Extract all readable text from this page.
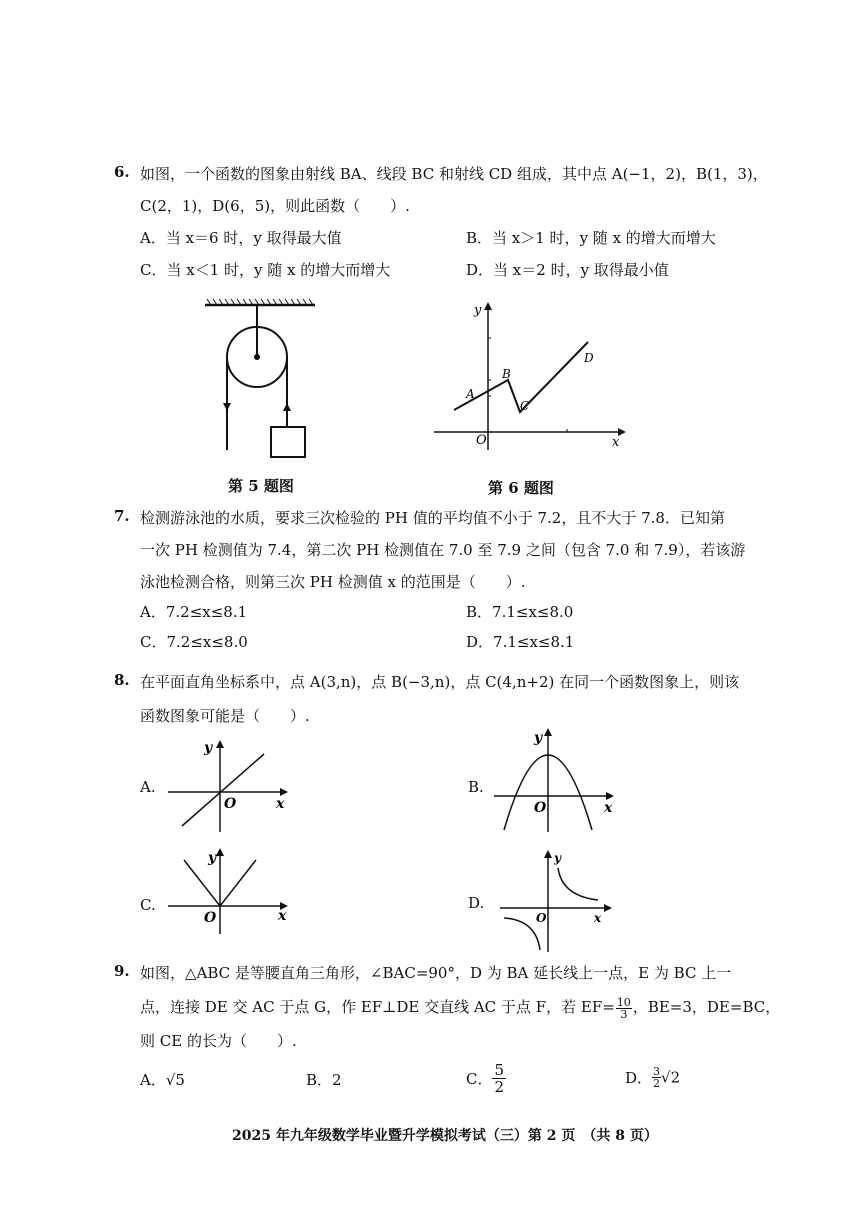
6. 如图，一个函数的图象由射线 BA、线段 BC 和射线 CD 组成，其中点 A(−1，2)，B(1，3)，
C(2，1)，D(6，5)，则此函数（　　）.
A．当 x＝6 时，y 取得最大值	B．当 x＞1 时，y 随 x 的增大而增大
C．当 x＜1 时，y 随 x 的增大而增大	D．当 x＝2 时，y 取得最小值
第 5 题图
y
x
O
A
B
C
D
第 6 题图
7. 检测游泳池的水质，要求三次检验的 PH 值的平均值不小于 7.2，且不大于 7.8．已知第
一次 PH 检测值为 7.4，第二次 PH 检测值在 7.0 至 7.9 之间（包含 7.0 和 7.9），若该游
泳池检测合格，则第三次 PH 检测值 x 的范围是（　　）.
A．7.2≤x≤8.1	B．7.1≤x≤8.0
C．7.2≤x≤8.0	D．7.1≤x≤8.1
8. 在平面直角坐标系中，点 A(3,n)，点 B(−3,n)，点 C(4,n+2) 在同一个函数图象上，则该
函数图象可能是（　　）.
A.
y
x
O
B.
y
x
O
C.
y
x
O
D.
y
x
O
9. 如图，△ABC 是等腰直角三角形，∠BAC=90°，D 为 BA 延长线上一点，E 为 BC 上一
点，连接 DE 交 AC 于点 G，作 EF⊥DE 交直线 AC 于点 F，若 $EF= \frac{10}{3}$ ，BE=3，DE=BC，
则 CE 的长为（　　）.
A．√5	B．2	C． $\frac{5}{2}$	D． $\frac{3}{2} √2$
2025 年九年级数学毕业暨升学模拟考试（三）第 2 页　（共 8 页）
